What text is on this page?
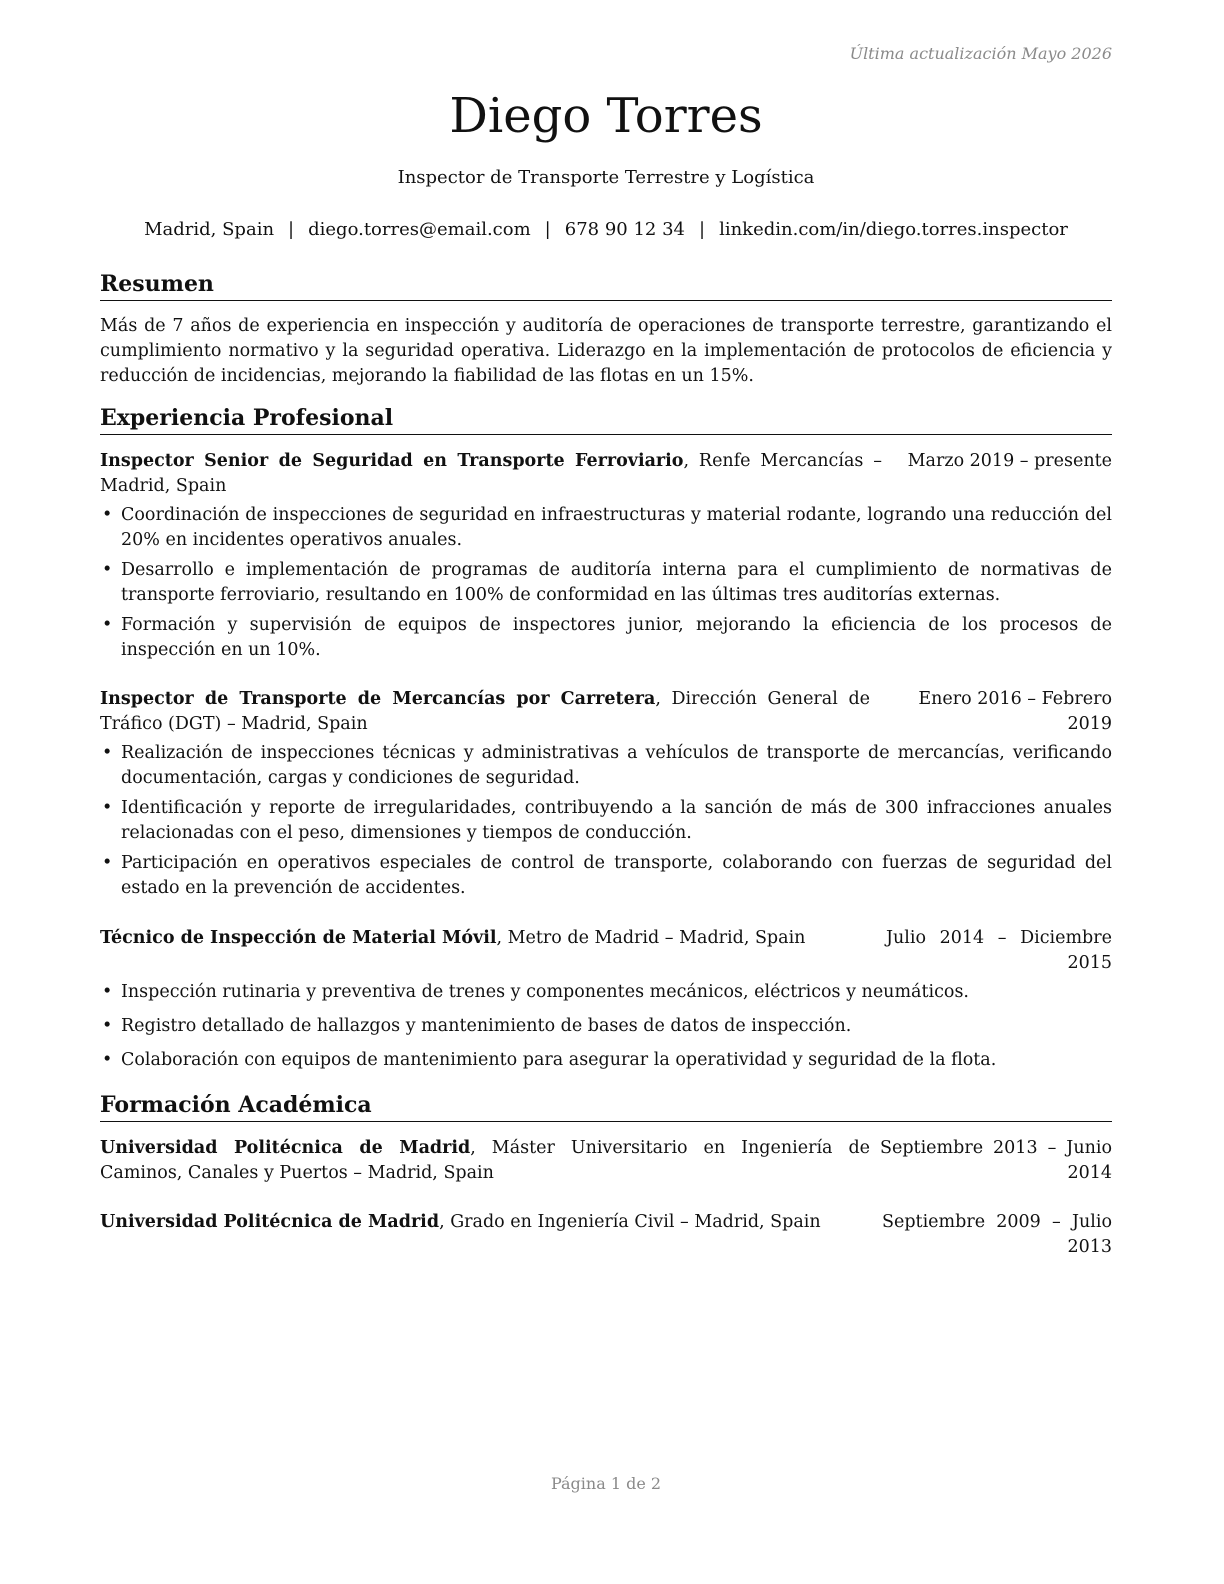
Última actualización Mayo 2026
Diego Torres
Inspector de Transporte Terrestre y Logística
Madrid, Spain | diego.torres@email.com | 678 90 12 34 | linkedin.com/in/diego.torres.inspector
Resumen
Más de 7 años de experiencia en inspección y auditoría de operaciones de transporte terrestre, garantizando el cumplimiento normativo y la seguridad operativa. Liderazgo en la implementación de protocolos de eficiencia y reducción de incidencias, mejorando la fiabilidad de las flotas en un 15%.
Experiencia Profesional
Inspector Senior de Seguridad en Transporte Ferroviario, Renfe Mercancías – Madrid, Spain
Marzo 2019 – presente
• Coordinación de inspecciones de seguridad en infraestructuras y material rodante, logrando una reducción del 20% en incidentes operativos anuales.
• Desarrollo e implementación de programas de auditoría interna para el cumplimiento de normativas de transporte ferroviario, resultando en 100% de conformidad en las últimas tres auditorías externas.
• Formación y supervisión de equipos de inspectores junior, mejorando la eficiencia de los procesos de inspección en un 10%.
Inspector de Transporte de Mercancías por Carretera, Dirección General de Tráfico (DGT) – Madrid, Spain
Enero 2016 – Febrero 2019
• Realización de inspecciones técnicas y administrativas a vehículos de transporte de mercancías, verificando documentación, cargas y condiciones de seguridad.
• Identificación y reporte de irregularidades, contribuyendo a la sanción de más de 300 infracciones anuales relacionadas con el peso, dimensiones y tiempos de conducción.
• Participación en operativos especiales de control de transporte, colaborando con fuerzas de seguridad del estado en la prevención de accidentes.
Técnico de Inspección de Material Móvil, Metro de Madrid – Madrid, Spain	Julio 2014 – Diciembre 2015
• Inspección rutinaria y preventiva de trenes y componentes mecánicos, eléctricos y neumáticos.
• Registro detallado de hallazgos y mantenimiento de bases de datos de inspección.
• Colaboración con equipos de mantenimiento para asegurar la operatividad y seguridad de la flota.
Formación Académica
Universidad Politécnica de Madrid, Máster Universitario en Ingeniería de Caminos, Canales y Puertos – Madrid, Spain
Septiembre 2013 – Junio 2014
Universidad Politécnica de Madrid, Grado en Ingeniería Civil – Madrid, Spain	Septiembre 2009 – Julio 2013
Página 1 de 2
